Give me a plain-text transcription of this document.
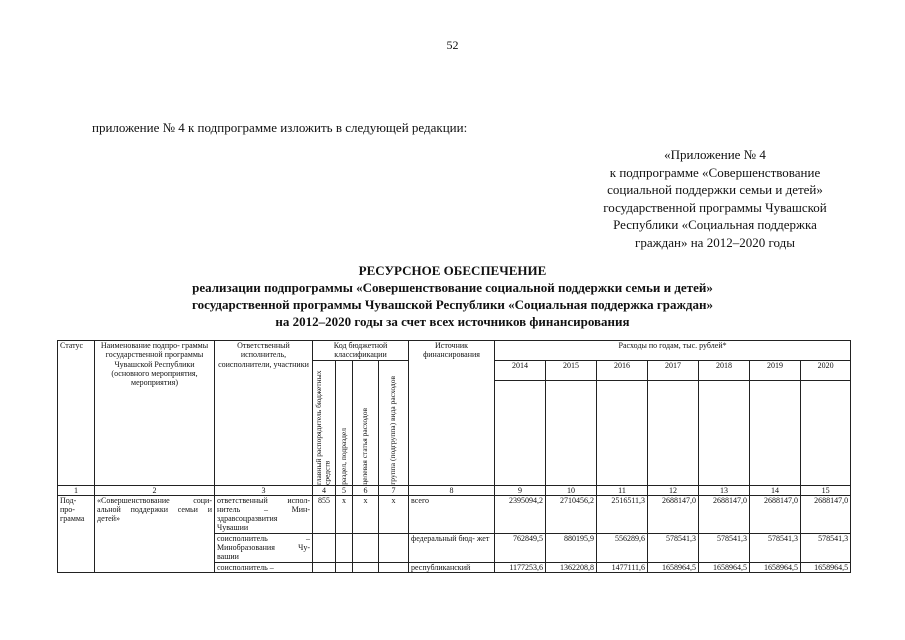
52
приложение № 4 к подпрограмме изложить в следующей редакции:
«Приложение № 4
к подпрограмме «Совершенствование
социальной поддержки семьи и детей»
государственной программы Чувашской
Республики «Социальная поддержка
граждан» на 2012–2020 годы
РЕСУРСНОЕ ОБЕСПЕЧЕНИЕ
реализации подпрограммы «Совершенствование социальной поддержки семьи и детей»
государственной программы Чувашской Республики «Социальная поддержка граждан»
на 2012–2020 годы за счет всех источников финансирования
Статус	Наименование подпро- граммы государственной программы Чувашской Республики (основного мероприятия, мероприятия)	Ответственный исполнитель, соисполнители, участники	Код бюджетной классификации				Источник финансирования	Расходы по годам, тыс. рублей*						

			главный распорядитель бюджетных средств	раздел, подраздел	целевая статья расходов	группа (подгруппа) вида расходов		2014	2015	2016	2017	2018	2019	2020

1	2	3	4	5	6	7	8	9	10	11	12	13	14	15
Под- про- грамма	«Совершенствование соци- альной поддержки семьи и детей»	ответственный испол- нитель – Мин- здравсоцразвития Чувашии	855	x	x	x	всего	2395094,2	2710456,2	2516511,3	2688147,0	2688147,0	2688147,0	2688147,0
		соисполнитель – Минобразования Чу- вашии					федеральный бюд- жет	762849,5	880195,9	556289,6	578541,3	578541,3	578541,3	578541,3
		соисполнитель –					республиканский	1177253,6	1362208,8	1477111,6	1658964,5	1658964,5	1658964,5	1658964,5
